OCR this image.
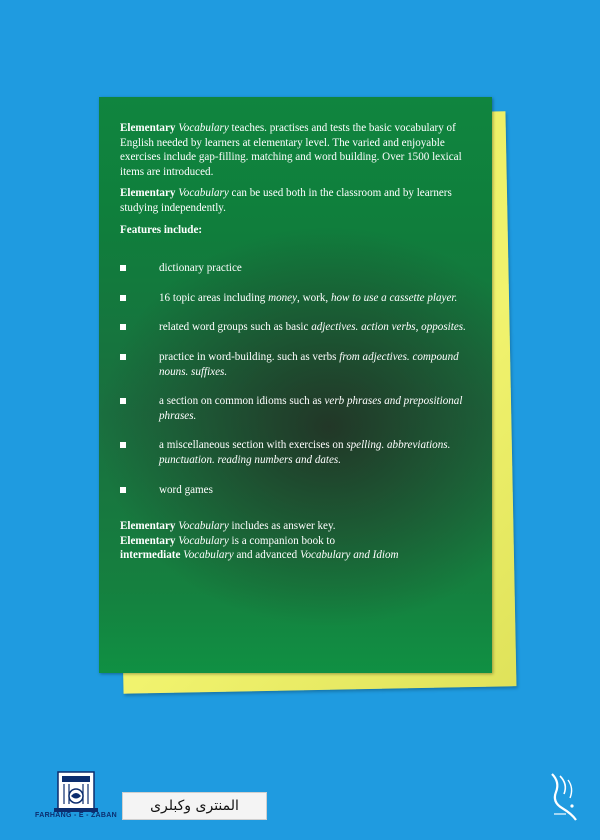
Elementary Vocabulary teaches. practises and tests the basic vocabulary of English needed by learners at elementary level. The varied and enjoyable exercises include gap-filling. matching and word building. Over 1500 lexical items are introduced.

Elementary Vocabulary can be used both in the classroom and by learners studying independently.

Features include:

dictionary practice
16 topic areas including money, work, how to use a cassette player.
related word groups such as basic adjectives. action verbs, opposites.
practice in word-building. such as verbs from adjectives. compound nouns. suffixes.
a section on common idioms such as verb phrases and prepositional phrases.
a miscellaneous section with exercises on spelling. abbreviations. punctuation. reading numbers and dates.
word games

Elementary Vocabulary includes as answer key.

Elementary Vocabulary is a companion book to

intermediate Vocabulary and advanced Vocabulary and Idiom

FARHANG - E - ZABAN
المنتری وکبلری
